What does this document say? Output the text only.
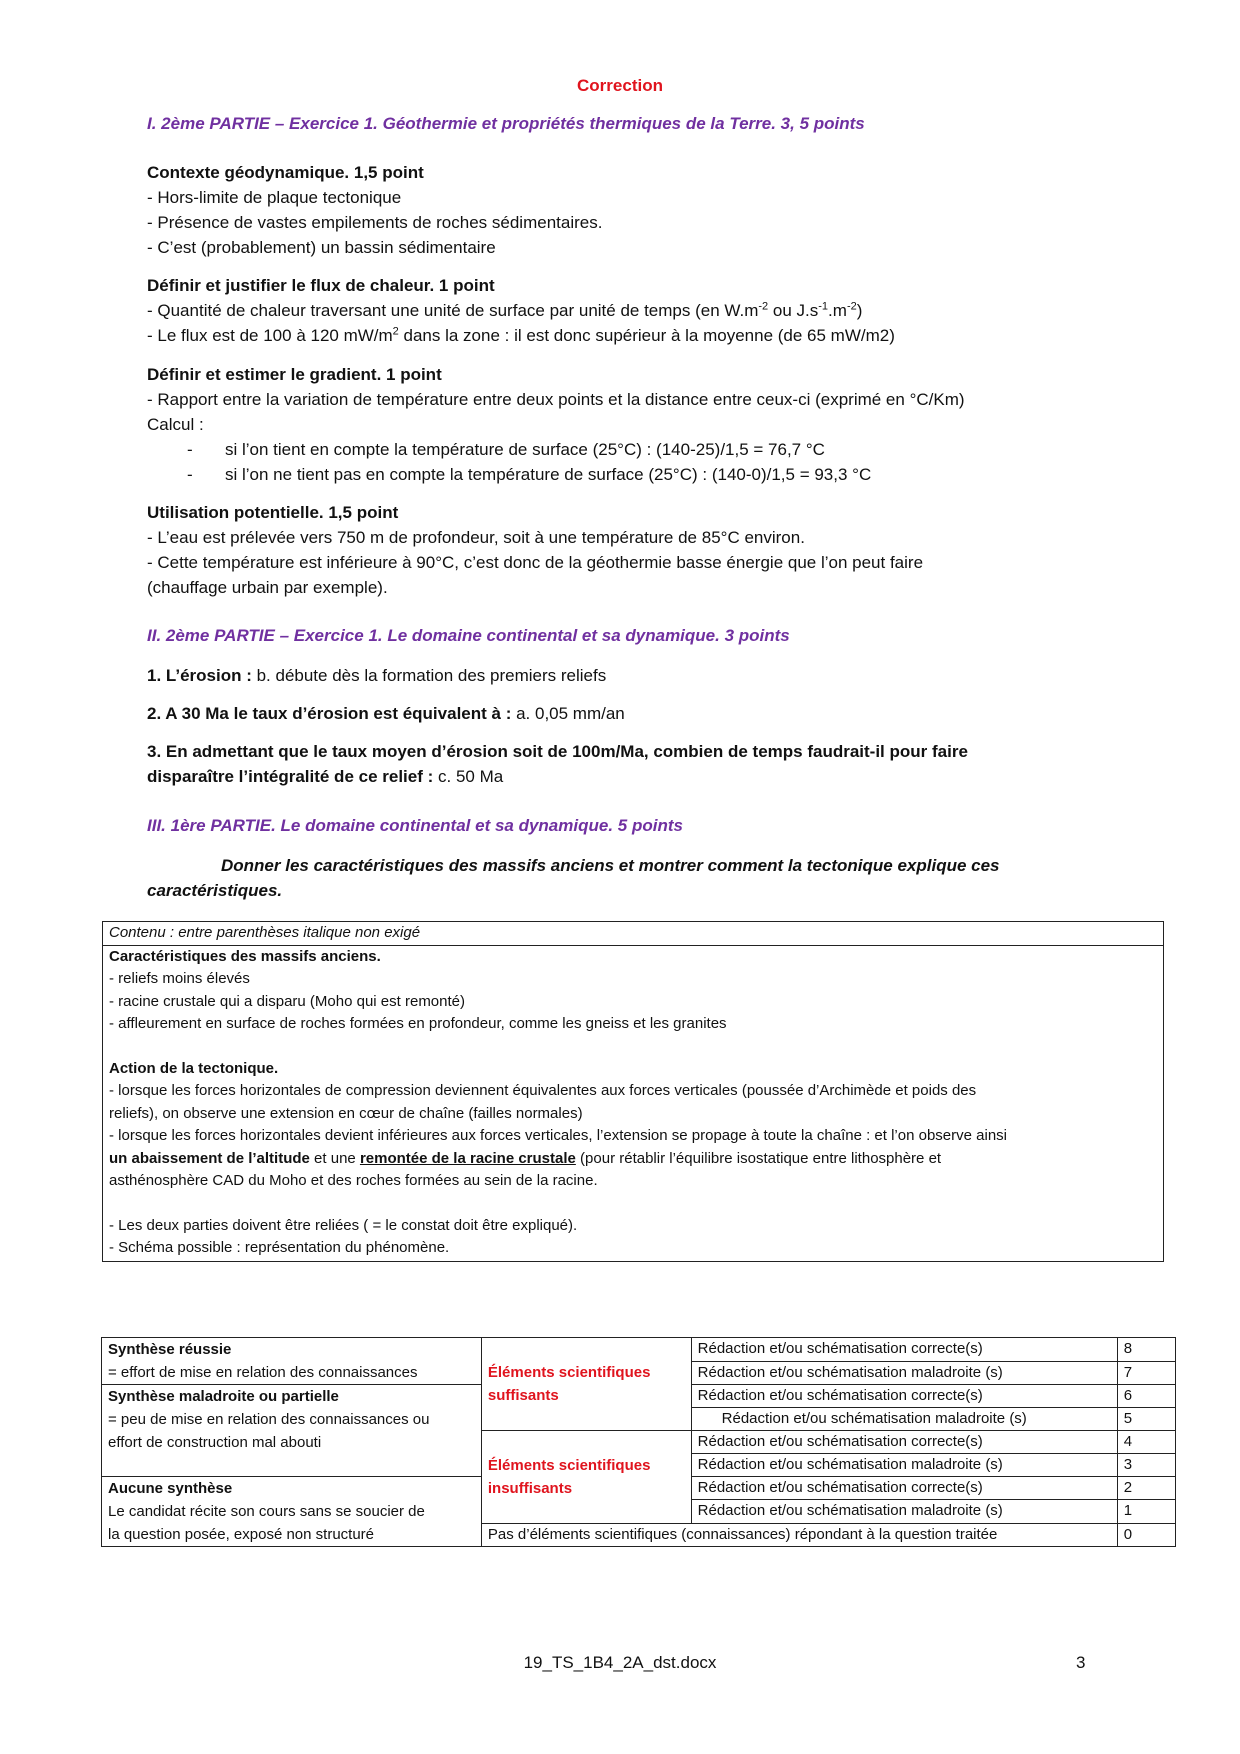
Correction
I. 2ème PARTIE – Exercice 1. Géothermie et propriétés thermiques de la Terre. 3, 5 points
Contexte géodynamique. 1,5 point
- Hors-limite de plaque tectonique
- Présence de vastes empilements de roches sédimentaires.
- C’est (probablement) un bassin sédimentaire
Définir et justifier le flux de chaleur. 1 point
- Quantité de chaleur traversant une unité de surface par unité de temps (en $W.m^{-2}$ ou $J.s^{-1}.m^{-2}$)
- Le flux est de 100 à 120 $mW/m^2$ dans la zone : il est donc supérieur à la moyenne (de 65 mW/m2)
Définir et estimer le gradient. 1 point
- Rapport entre la variation de température entre deux points et la distance entre ceux-ci (exprimé en °C/Km)
Calcul :
- si l’on tient en compte la température de surface (25°C) : (140-25)/1,5 = 76,7 °C
- si l’on ne tient pas en compte la température de surface (25°C) : (140-0)/1,5 = 93,3 °C
Utilisation potentielle. 1,5 point
- L’eau est prélevée vers 750 m de profondeur, soit à une température de 85°C environ.
- Cette température est inférieure à 90°C, c’est donc de la géothermie basse énergie que l’on peut faire
(chauffage urbain par exemple).
II. 2ème PARTIE – Exercice 1. Le domaine continental et sa dynamique. 3 points
1. L’érosion : b. débute dès la formation des premiers reliefs
2. A 30 Ma le taux d’érosion est équivalent à : a. 0,05 mm/an
3. En admettant que le taux moyen d’érosion soit de 100m/Ma, combien de temps faudrait-il pour faire
disparaître l’intégralité de ce relief : c. 50 Ma
III. 1ère PARTIE. Le domaine continental et sa dynamique. 5 points
Donner les caractéristiques des massifs anciens et montrer comment la tectonique explique ces
caractéristiques.
Contenu : entre parenthèses italique non exigé
Caractéristiques des massifs anciens.
- reliefs moins élevés
- racine crustale qui a disparu (Moho qui est remonté)
- affleurement en surface de roches formées en profondeur, comme les gneiss et les granites
Action de la tectonique.
- lorsque les forces horizontales de compression deviennent équivalentes aux forces verticales (poussée d’Archimède et poids des
reliefs), on observe une extension en cœur de chaîne (failles normales)
- lorsque les forces horizontales devient inférieures aux forces verticales, l’extension se propage à toute la chaîne : et l’on observe ainsi
un abaissement de l’altitude et une remontée de la racine crustale (pour rétablir l’équilibre isostatique entre lithosphère et
asthénosphère CAD du Moho et des roches formées au sein de la racine.
- Les deux parties doivent être reliées ( = le constat doit être expliqué).
- Schéma possible : représentation du phénomène.
Synthèse réussie
= effort de mise en relation des connaissances	Éléments scientifiques
suffisants	Rédaction et/ou schématisation correcte(s)	8
		Rédaction et/ou schématisation maladroite (s)	7
Synthèse maladroite ou partielle
= peu de mise en relation des connaissances ou
effort de construction mal abouti		Rédaction et/ou schématisation correcte(s)	6
		Rédaction et/ou schématisation maladroite (s)	5
	Éléments scientifiques
insuffisants	Rédaction et/ou schématisation correcte(s)	4
		Rédaction et/ou schématisation maladroite (s)	3
Aucune synthèse
Le candidat récite son cours sans se soucier de
la question posée, exposé non structuré		Rédaction et/ou schématisation correcte(s)	2
		Rédaction et/ou schématisation maladroite (s)	1
	Pas d’éléments scientifiques (connaissances) répondant à la question traitée		0
19_TS_1B4_2A_dst.docx	3
